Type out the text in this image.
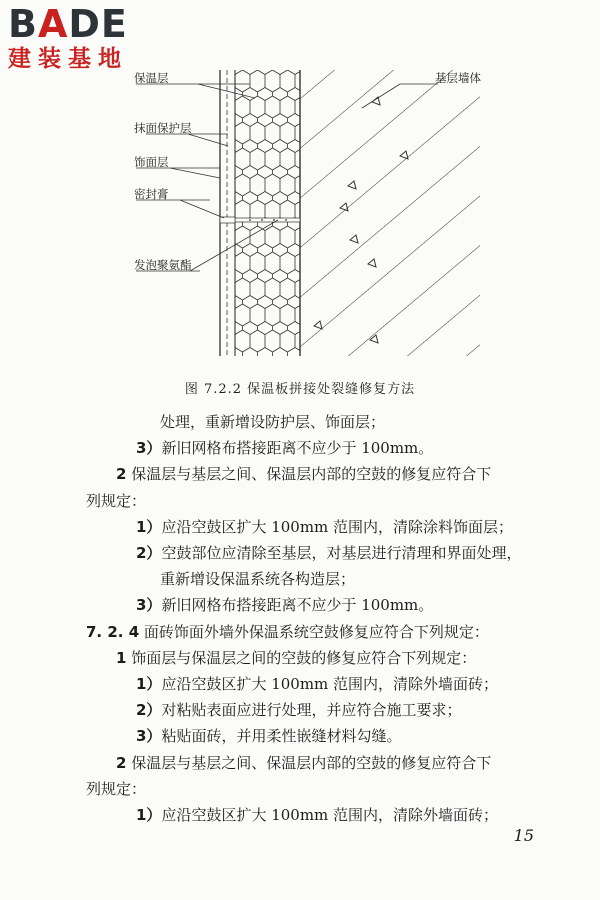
BADE
建装基地
保温层
抹面保护层
饰面层
密封膏
发泡聚氨酯
基层墙体
图 7.2.2 保温板拼接处裂缝修复方法
处理，重新增设防护层、饰面层；
3）新旧网格布搭接距离不应少于 100mm。
2 保温层与基层之间、保温层内部的空鼓的修复应符合下
列规定：
1）应沿空鼓区扩大 100mm 范围内，清除涂料饰面层；
2）空鼓部位应清除至基层，对基层进行清理和界面处理，
重新增设保温系统各构造层；
3）新旧网格布搭接距离不应少于 100mm。
7. 2. 4 面砖饰面外墙外保温系统空鼓修复应符合下列规定：
1 饰面层与保温层之间的空鼓的修复应符合下列规定：
1）应沿空鼓区扩大 100mm 范围内，清除外墙面砖；
2）对粘贴表面应进行处理，并应符合施工要求；
3）粘贴面砖，并用柔性嵌缝材料勾缝。
2 保温层与基层之间、保温层内部的空鼓的修复应符合下
列规定：
1）应沿空鼓区扩大 100mm 范围内，清除外墙面砖；
15
